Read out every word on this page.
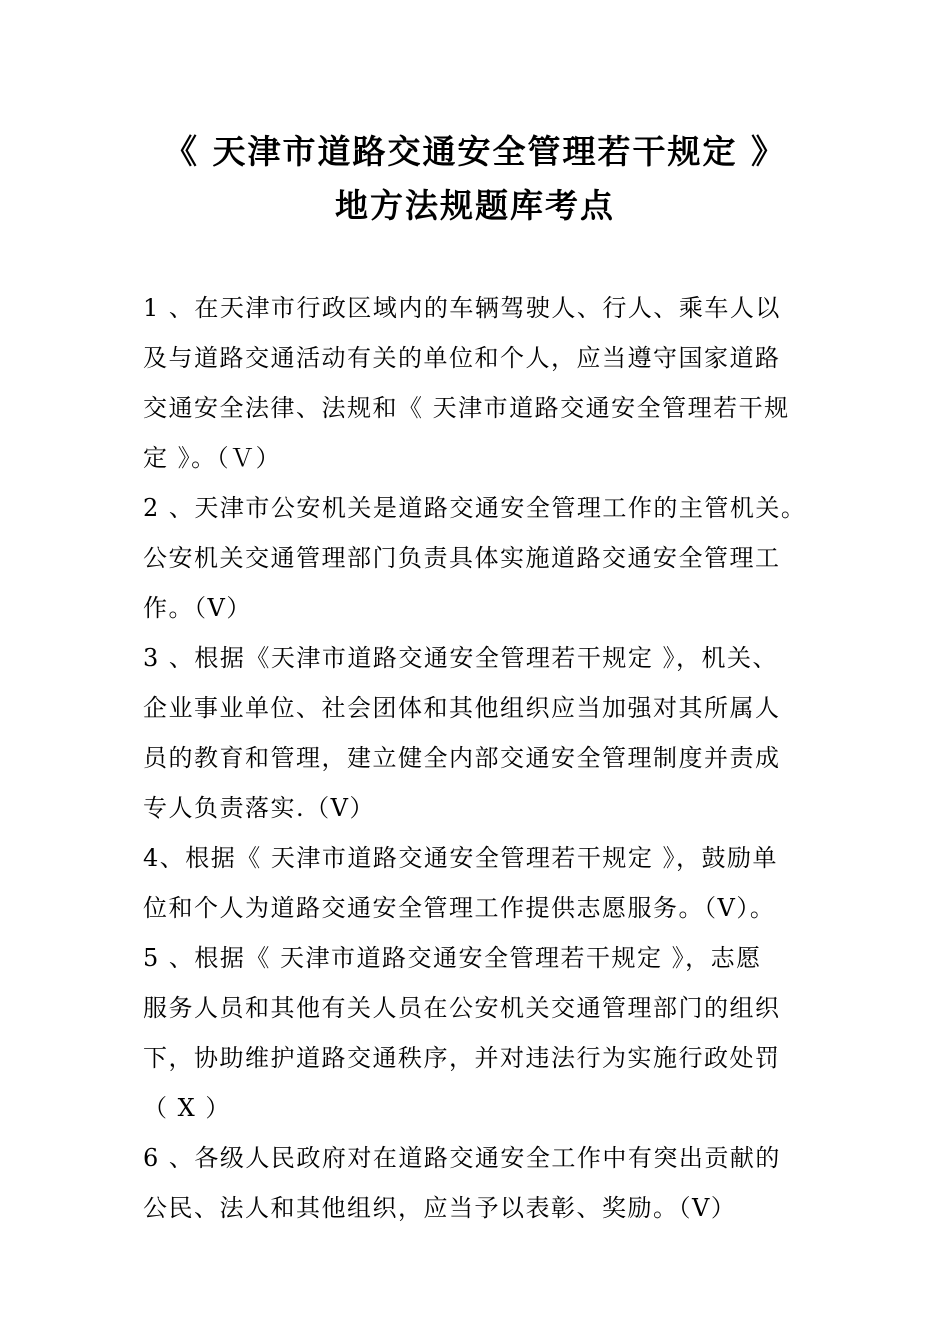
《 天津市道路交通安全管理若干规定 》
地方法规题库考点
1 、在天津市行政区域内的车辆驾驶人、行人、乘车人以
及与道路交通活动有关的单位和个人，应当遵守国家道路
交通安全法律、法规和《 天津市道路交通安全管理若干规
定 》。（Ｖ）
2 、天津市公安机关是道路交通安全管理工作的主管机关。
公安机关交通管理部门负责具体实施道路交通安全管理工
作。（V）
3 、根据《天津市道路交通安全管理若干规定 》，机关、
企业事业单位、社会团体和其他组织应当加强对其所属人
员的教育和管理，建立健全内部交通安全管理制度并责成
专人负责落实.（V）
4、根据《 天津市道路交通安全管理若干规定 》，鼓励单
位和个人为道路交通安全管理工作提供志愿服务。（V）。
5 、根据《 天津市道路交通安全管理若干规定 》，志愿
服务人员和其他有关人员在公安机关交通管理部门的组织
下，协助维护道路交通秩序，并对违法行为实施行政处罚
（ X ）
6 、各级人民政府对在道路交通安全工作中有突出贡献的
公民、法人和其他组织，应当予以表彰、奖励。（V）
